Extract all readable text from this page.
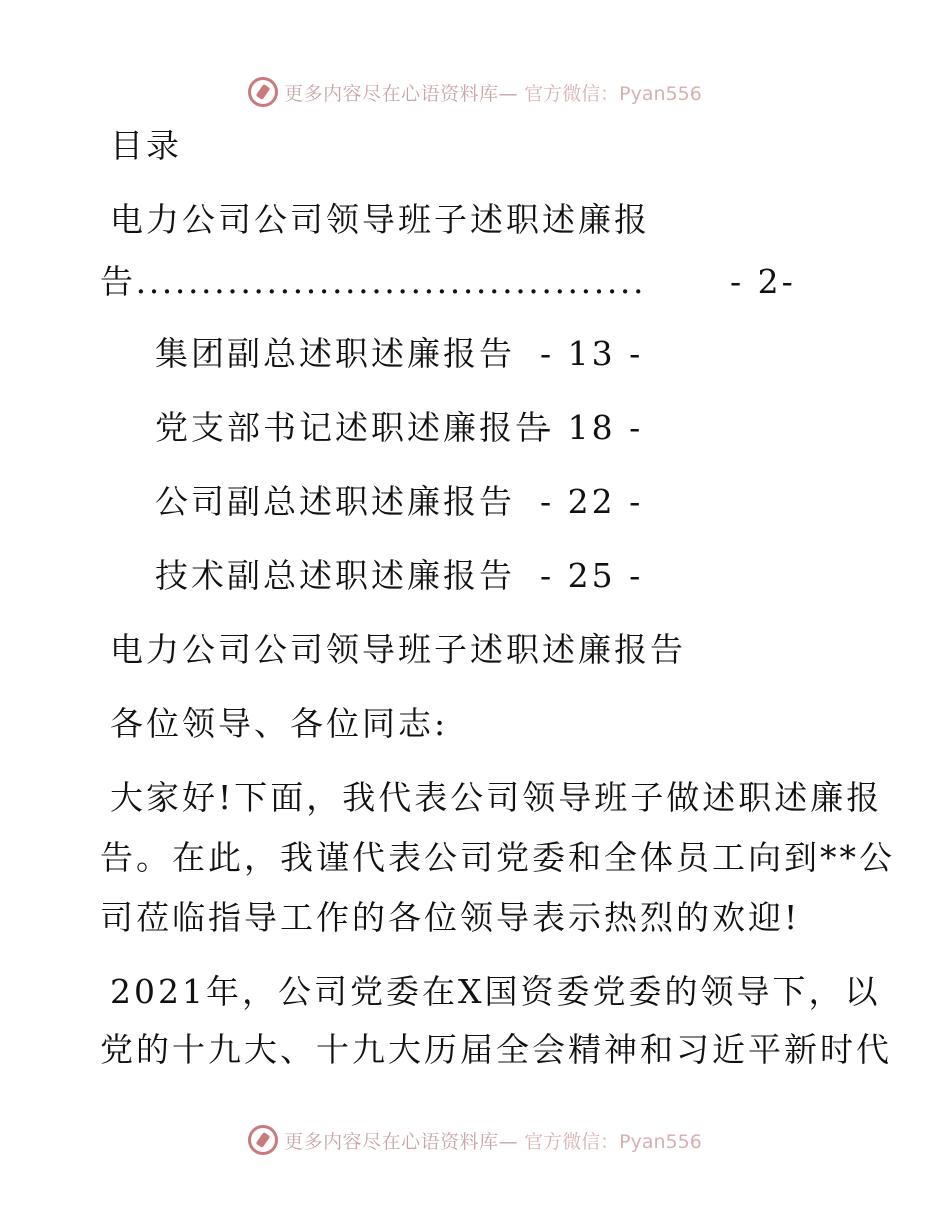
更多内容尽在心语资料库— 官方微信：Pyan556
目录
电力公司公司领导班子述职述廉报
告.......................................	- 2-
集团副总述职述廉报告 - 13 -
党支部书记述职述廉报告
- 18 -
公司副总述职述廉报告 - 22 -
技术副总述职述廉报告 - 25 -
电力公司公司领导班子述职述廉报告
各位领导、各位同志:
大家好!下面，我代表公司领导班子做述职述廉报
告。在此，我谨代表公司党委和全体员工向到**公
司莅临指导工作的各位领导表示热烈的欢迎!
2021年，公司党委在X国资委党委的领导下，以
党的十九大、十九大历届全会精神和习近平新时代
更多内容尽在心语资料库— 官方微信：Pyan556
